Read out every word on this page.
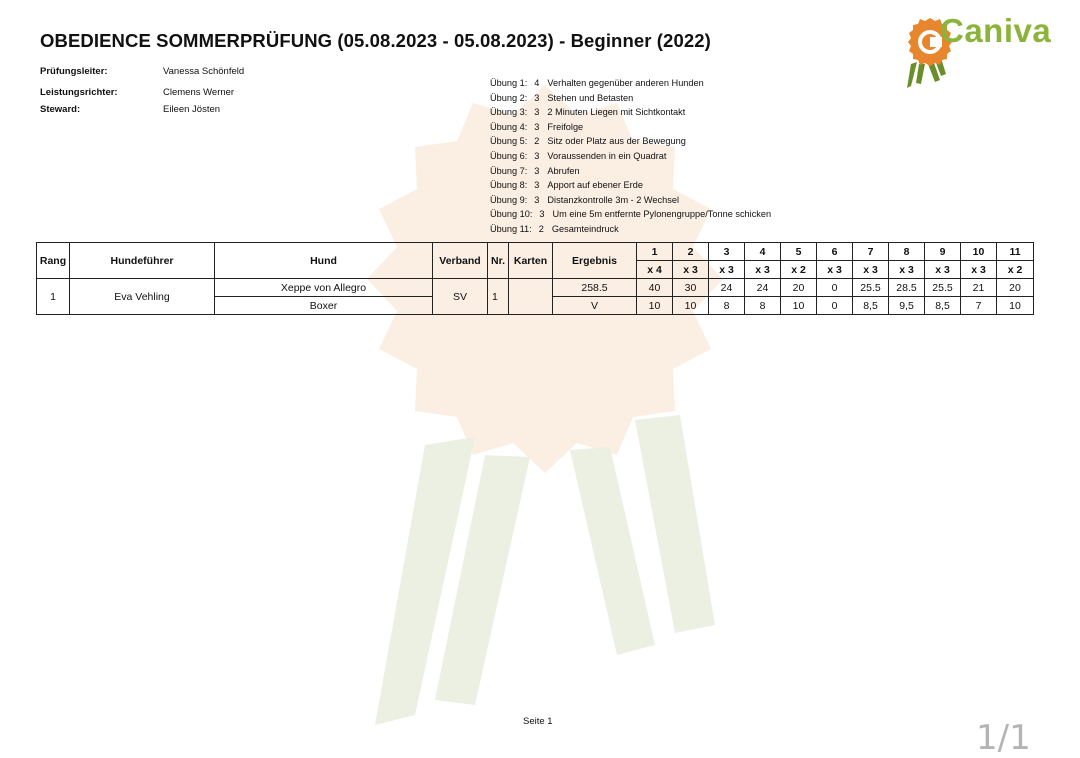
OBEDIENCE SOMMERPRÜFUNG (05.08.2023 - 05.08.2023) - Beginner (2022)	Caniva
Prüfungsleiter:	Vanessa Schönfeld
Leistungsrichter:	Clemens Werner
Steward:	Eileen Jösten
Übung 1: 4 Verhalten gegenüber anderen Hunden
Übung 2: 3 Stehen und Betasten
Übung 3: 3 2 Minuten Liegen mit Sichtkontakt
Übung 4: 3 Freifolge
Übung 5: 2 Sitz oder Platz aus der Bewegung
Übung 6: 3 Voraussenden in ein Quadrat
Übung 7: 3 Abrufen
Übung 8: 3 Apport auf ebener Erde
Übung 9: 3 Distanzkontrolle 3m - 2 Wechsel
Übung 10: 3 Um eine 5m entfernte Pylonengruppe/Tonne schicken
Übung 11: 2 Gesamteindruck
Rang	Hundeführer	Hund	Verband	Nr.	Karten	Ergebnis	1	2	3	4	5	6	7	8	9	10	11
							x 4	x 3	x 3	x 3	x 2	x 3	x 3	x 3	x 3	x 3	x 2
1	Eva Vehling	Xeppe von Allegro	SV	1		258.5	40	30	24	24	20	0	25.5	28.5	25.5	21	20
		Boxer				V	10	10	8	8	10	0	8,5	9,5	8,5	7	10
Seite 1	1/1
